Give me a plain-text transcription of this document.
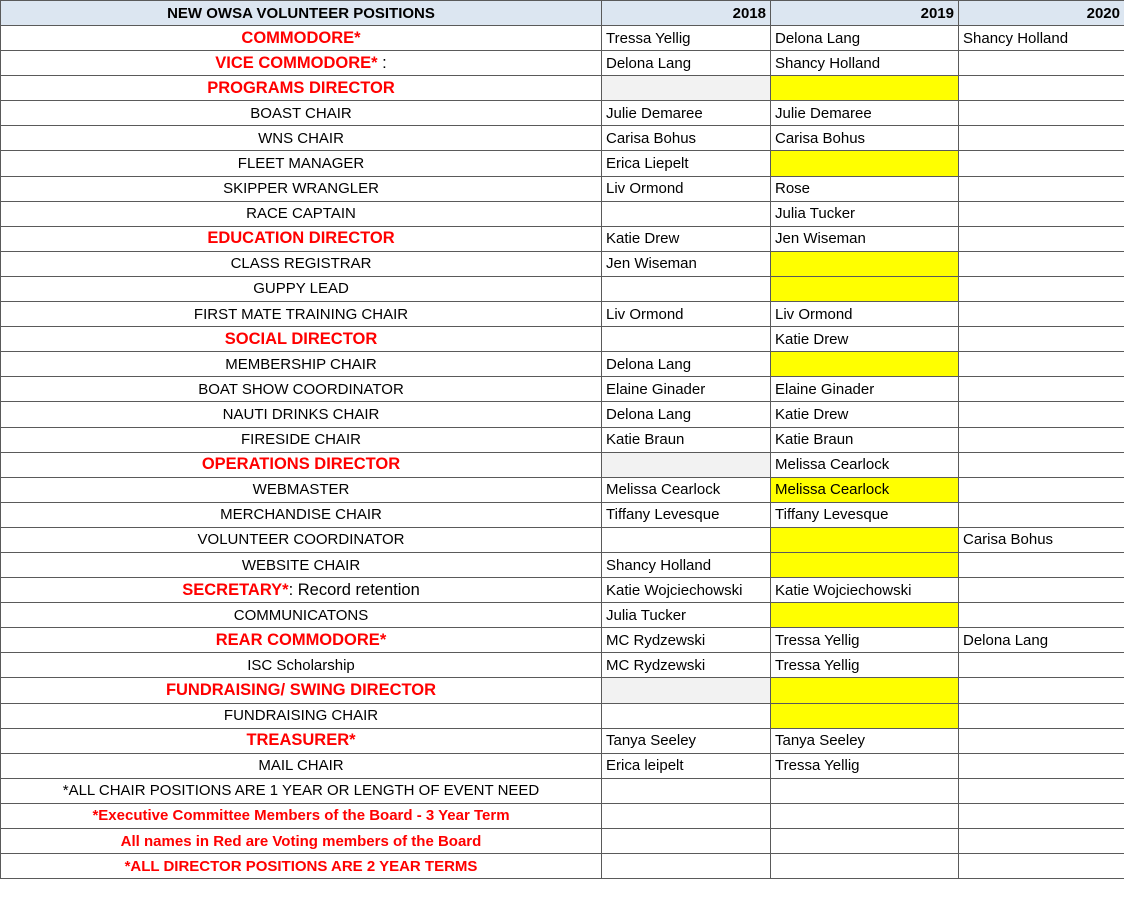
NEW OWSA VOLUNTEER POSITIONS	2018	2019	2020
COMMODORE*	Tressa Yellig	Delona Lang	Shancy Holland
VICE COMMODORE* :	Delona Lang	Shancy Holland	
PROGRAMS DIRECTOR			
BOAST CHAIR	Julie Demaree	Julie Demaree	
WNS CHAIR	Carisa Bohus	Carisa Bohus	
FLEET MANAGER	Erica Liepelt		
SKIPPER WRANGLER	Liv Ormond	Rose	
RACE CAPTAIN		Julia Tucker	
EDUCATION DIRECTOR	Katie Drew	Jen Wiseman	
CLASS REGISTRAR	Jen Wiseman		
GUPPY LEAD			
FIRST MATE TRAINING CHAIR	Liv Ormond	Liv Ormond	
SOCIAL DIRECTOR		Katie Drew	
MEMBERSHIP CHAIR	Delona Lang		
BOAT SHOW COORDINATOR	Elaine Ginader	Elaine Ginader	
NAUTI DRINKS CHAIR	Delona Lang	Katie Drew	
FIRESIDE CHAIR	Katie Braun	Katie Braun	
OPERATIONS DIRECTOR		Melissa Cearlock	
WEBMASTER	Melissa Cearlock	Melissa Cearlock	
MERCHANDISE CHAIR	Tiffany Levesque	Tiffany Levesque	
VOLUNTEER COORDINATOR			Carisa Bohus
WEBSITE CHAIR	Shancy Holland		
SECRETARY*: Record retention	Katie Wojciechowski	Katie Wojciechowski	
COMMUNICATONS	Julia Tucker		
REAR COMMODORE*	MC Rydzewski	Tressa Yellig	Delona Lang
ISC Scholarship	MC Rydzewski	Tressa Yellig	
FUNDRAISING/ SWING DIRECTOR			
FUNDRAISING CHAIR			
TREASURER*	Tanya Seeley	Tanya Seeley	
MAIL CHAIR	Erica leipelt	Tressa Yellig	
*ALL CHAIR POSITIONS ARE 1 YEAR OR LENGTH OF EVENT NEED			
*Executive Committee Members of the Board - 3 Year Term			
All names in Red are Voting members of the Board			
*ALL DIRECTOR POSITIONS ARE 2 YEAR TERMS			
